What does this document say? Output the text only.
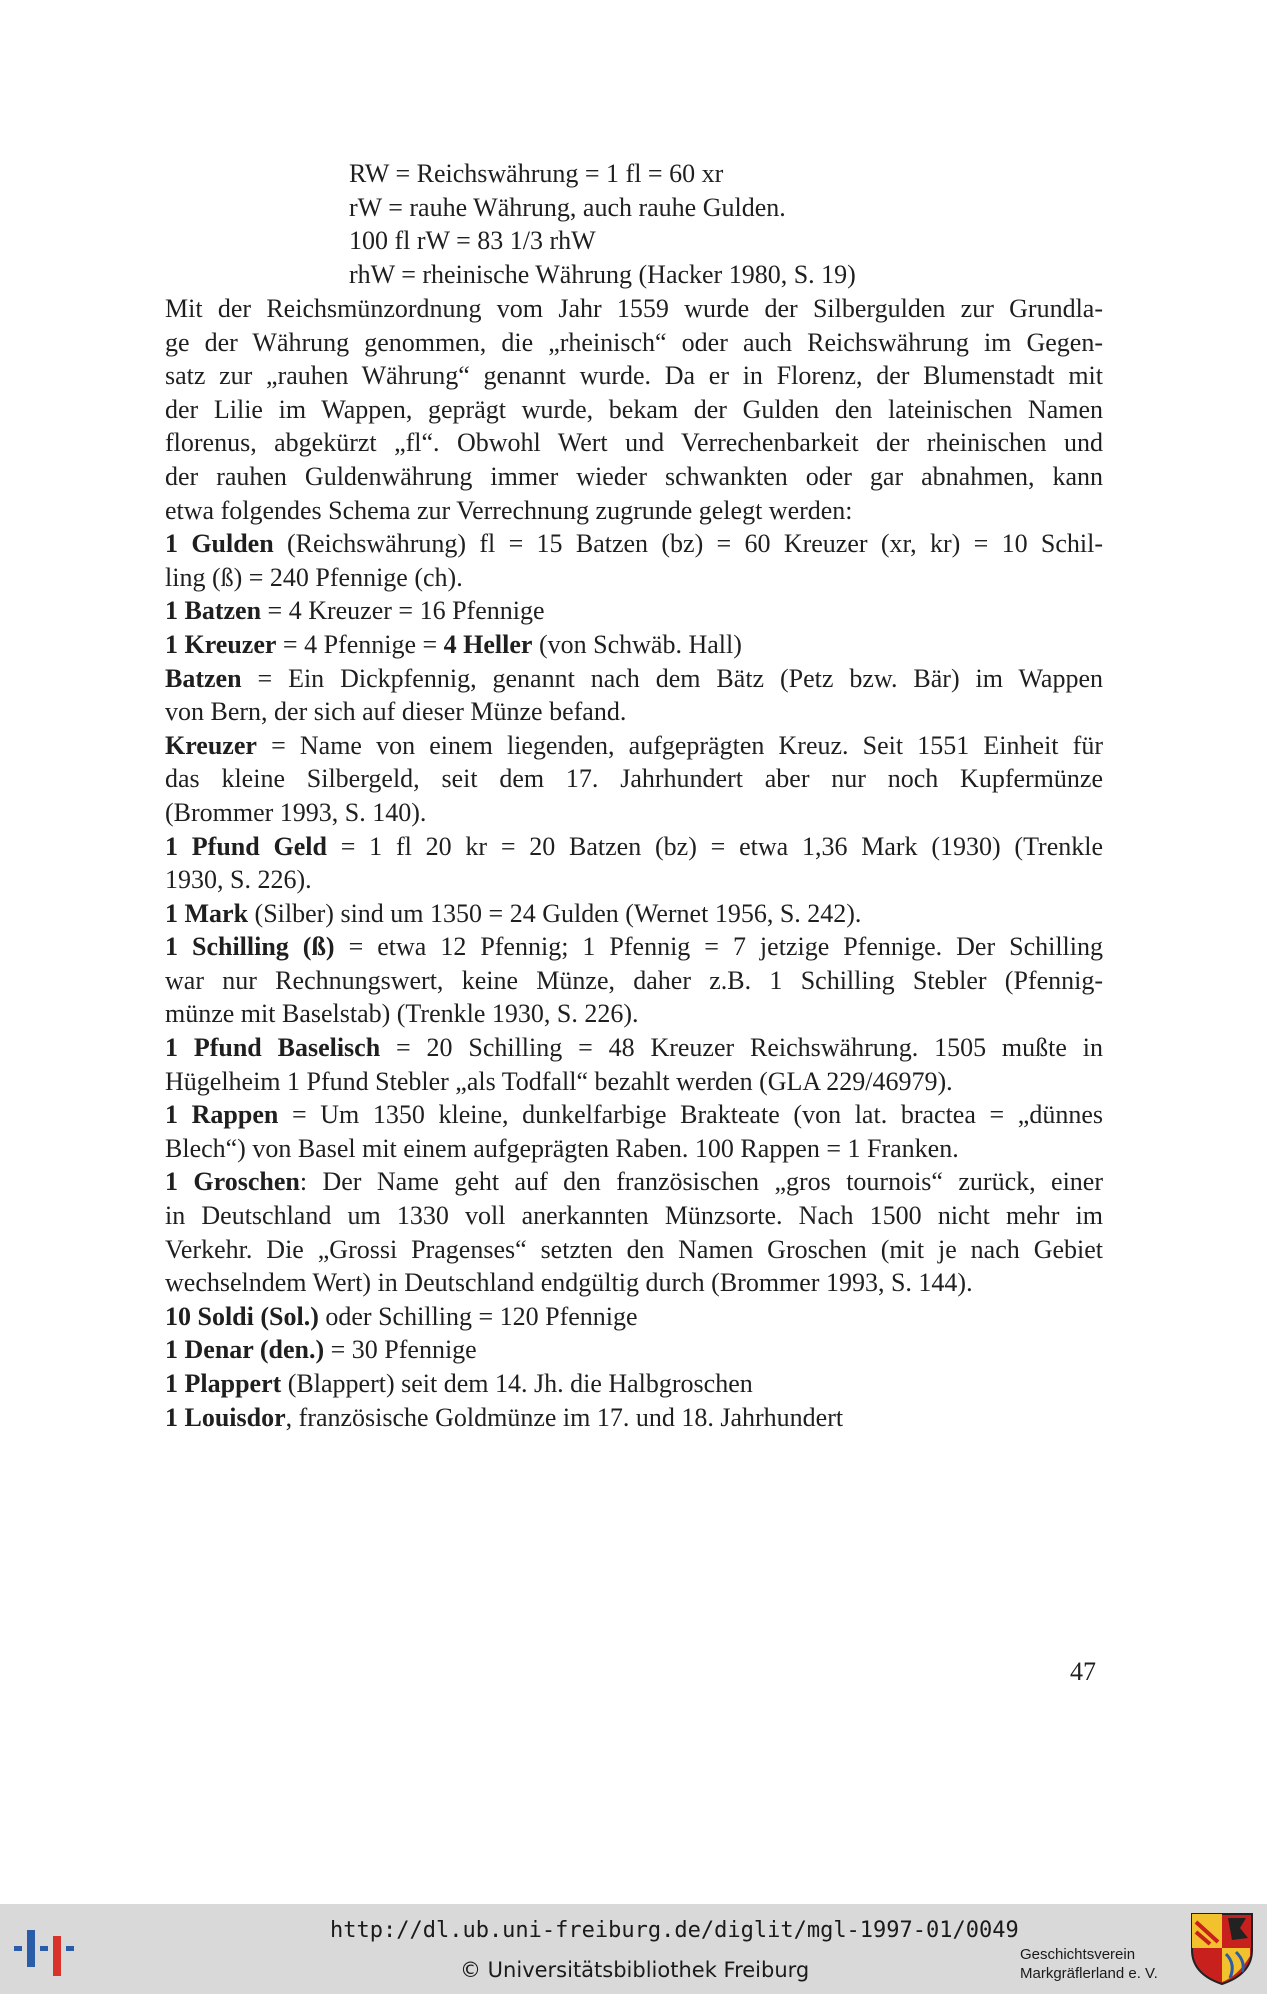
RW = Reichswährung = 1 fl = 60 xr
rW = rauhe Währung, auch rauhe Gulden.
100 fl rW = 83 1/3 rhW
rhW = rheinische Währung (Hacker 1980, S. 19)
Mit der Reichsmünzordnung vom Jahr 1559 wurde der Silbergulden zur Grundla-
ge der Währung genommen, die „rheinisch“ oder auch Reichswährung im Gegen-
satz zur „rauhen Währung“ genannt wurde. Da er in Florenz, der Blumenstadt mit
der Lilie im Wappen, geprägt wurde, bekam der Gulden den lateinischen Namen
florenus, abgekürzt „fl“. Obwohl Wert und Verrechenbarkeit der rheinischen und
der rauhen Guldenwährung immer wieder schwankten oder gar abnahmen, kann
etwa folgendes Schema zur Verrechnung zugrunde gelegt werden:
1 Gulden (Reichswährung) fl = 15 Batzen (bz) = 60 Kreuzer (xr, kr) = 10 Schil-
ling (ß) = 240 Pfennige (ch).
1 Batzen = 4 Kreuzer = 16 Pfennige
1 Kreuzer = 4 Pfennige = 4 Heller (von Schwäb. Hall)
Batzen = Ein Dickpfennig, genannt nach dem Bätz (Petz bzw. Bär) im Wappen
von Bern, der sich auf dieser Münze befand.
Kreuzer = Name von einem liegenden, aufgeprägten Kreuz. Seit 1551 Einheit für
das kleine Silbergeld, seit dem 17. Jahrhundert aber nur noch Kupfermünze
(Brommer 1993, S. 140).
1 Pfund Geld = 1 fl 20 kr = 20 Batzen (bz) = etwa 1,36 Mark (1930) (Trenkle
1930, S. 226).
1 Mark (Silber) sind um 1350 = 24 Gulden (Wernet 1956, S. 242).
1 Schilling (ß) = etwa 12 Pfennig; 1 Pfennig = 7 jetzige Pfennige. Der Schilling
war nur Rechnungswert, keine Münze, daher z.B. 1 Schilling Stebler (Pfennig-
münze mit Baselstab) (Trenkle 1930, S. 226).
1 Pfund Baselisch = 20 Schilling = 48 Kreuzer Reichswährung. 1505 mußte in
Hügelheim 1 Pfund Stebler „als Todfall“ bezahlt werden (GLA 229/46979).
1 Rappen = Um 1350 kleine, dunkelfarbige Brakteate (von lat. bractea = „dünnes
Blech“) von Basel mit einem aufgeprägten Raben. 100 Rappen = 1 Franken.
1 Groschen: Der Name geht auf den französischen „gros tournois“ zurück, einer
in Deutschland um 1330 voll anerkannten Münzsorte. Nach 1500 nicht mehr im
Verkehr. Die „Grossi Pragenses“ setzten den Namen Groschen (mit je nach Gebiet
wechselndem Wert) in Deutschland endgültig durch (Brommer 1993, S. 144).
10 Soldi (Sol.) oder Schilling = 120 Pfennige
1 Denar (den.) = 30 Pfennige
1 Plappert (Blappert) seit dem 14. Jh. die Halbgroschen
1 Louisdor, französische Goldmünze im 17. und 18. Jahrhundert
47
http://dl.ub.uni-freiburg.de/diglit/mgl-1997-01/0049
© Universitätsbibliothek Freiburg
Geschichtsverein
Markgräflerland e. V.
